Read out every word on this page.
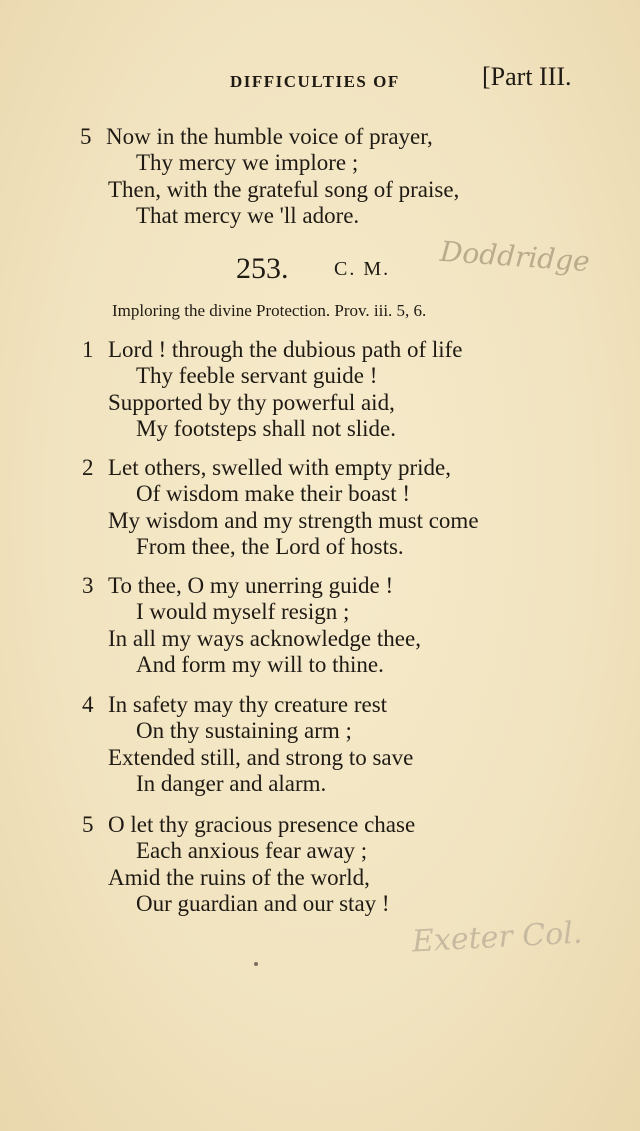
DIFFICULTIES OF	[Part III.
5 Now in the humble voice of prayer,
Thy mercy we implore ;
Then, with the grateful song of praise,
That mercy we 'll adore.
253. C. M. Doddridge
Imploring the divine Protection. Prov. iii. 5, 6.
1 Lord ! through the dubious path of life
Thy feeble servant guide !
Supported by thy powerful aid,
My footsteps shall not slide.
2 Let others, swelled with empty pride,
Of wisdom make their boast !
My wisdom and my strength must come
From thee, the Lord of hosts.
3 To thee, O my unerring guide !
I would myself resign ;
In all my ways acknowledge thee,
And form my will to thine.
4 In safety may thy creature rest
On thy sustaining arm ;
Extended still, and strong to save
In danger and alarm.
5 O let thy gracious presence chase
Each anxious fear away ;
Amid the ruins of the world,
Our guardian and our stay !
Exeter Col.
